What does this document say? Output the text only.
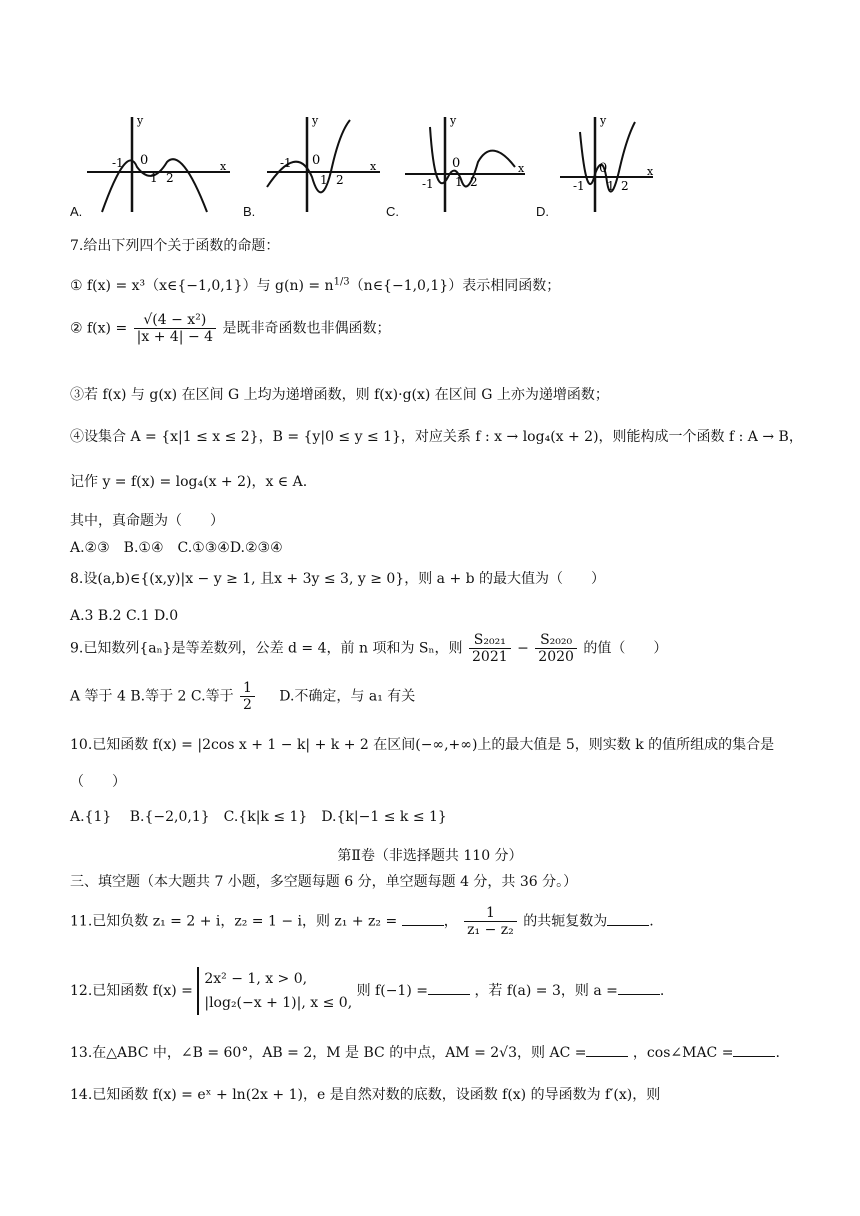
y
-1 0
1 2
x
y
-1 0
1 2
x
y
-1
0
1 2
x
y
-1
0
1 2
x
A.	B.	C.	D.
7.给出下列四个关于函数的命题：
① f(x) = x³（x∈{−1,0,1}）与 $g(n) = n^{1/3}(n\in\{-1,0,1\})$表示相同函数；
② $f(x) = \frac{\text{√(4 − x²)}}{|x + 4| - 4}$ 是既非奇函数也非偶函数；
③若 f(x) 与 g(x) 在区间 G 上均为递增函数，则 f(x)·g(x) 在区间 G 上亦为递增函数；
④设集合 A = {x|1 ≤ x ≤ 2}，B = {y|0 ≤ y ≤ 1}，对应关系 f : x → log₄(x + 2)，则能构成一个函数 f : A → B，
记作 y = f(x) = log₄(x + 2)，x ∈ A.
其中，真命题为（　　）
A.②③　B.①④　C.①③④D.②③④
8.设(a,b)∈{(x,y)|x − y ≥ 1, 且x + 3y ≤ 3, y ≥ 0}，则 a + b 的最大值为（　　）
A.3 B.2 C.1 D.0
9.已知数列{aₙ}是等差数列，公差 d = 4，前 n 项和为 Sₙ，则 $\frac{\text{S₂₀₂₁}}{2021} - \frac{\text{S₂₀₂₀}}{2020}$ 的值（　　）
A 等于 4 B.等于 2 C.等于 $\frac{1}{2} D$.不确定，与 a₁ 有关
10.已知函数 f(x) = |2cos x + 1 − k| + k + 2 在区间(−∞,+∞)上的最大值是 5，则实数 k 的值所组成的集合是
（　　）
A.{1}　 B.{−2,0,1}　C.{k|k ≤ 1}　D.{k|−1 ≤ k ≤ 1}
第Ⅱ卷（非选择题共 110 分）
三、填空题（本大题共 7 小题，多空题每题 6 分，单空题每题 4 分，共 36 分。）
11.已知负数 z₁ = 2 + i，z₂ = 1 − i，则 z₁ + z₂ =	， $\frac{1}{\text{z₁ − z₂}}$ 的共轭复数为	.
12.已知函数 f(x) =
2x² − 1, x > 0,
|log₂(−x + 1)|, x ≤ 0,
则 f(−1) =	，若 f(a) = 3，则 a =	.
13.在△ABC 中，∠B = 60°，AB = 2，M 是 BC 的中点，AM = 2√3，则 AC =	，cos∠MAC =	.
14.已知函数 f(x) = eˣ + ln(2x + 1)，e 是自然对数的底数，设函数 f(x) 的导函数为 f′(x)，则
